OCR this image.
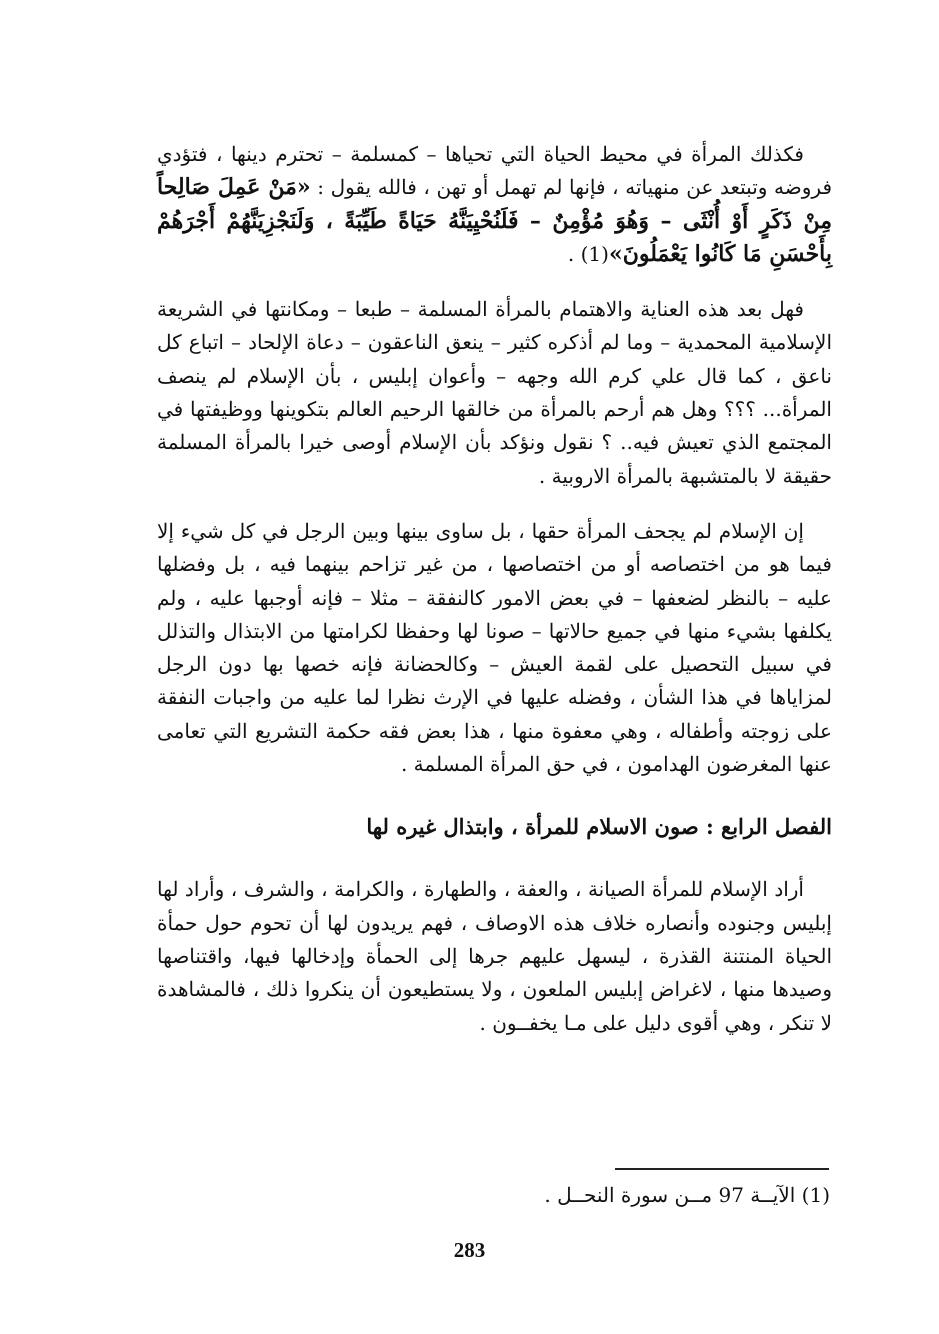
فكذلك المرأة في محيط الحياة التي تحياها – كمسلمة – تحترم دينها ، فتؤدي فروضه وتبتعد عن منهياته ، فإنها لم تهمل أو تهن ، فالله يقول : «مَنْ عَمِلَ صَالِحاً مِنْ ذَكَرٍ أَوْ أُنْثَى – وَهُوَ مُؤْمِنٌ – فَلَنُحْيِيَنَّهُ حَيَاةً طَيِّبَةً ، وَلَنَجْزِيَنَّهُمْ أَجْرَهُمْ بِأَحْسَنِ مَا كَانُوا يَعْمَلُونَ»(1) .

فهل بعد هذه العناية والاهتمام بالمرأة المسلمة – طبعا – ومكانتها في الشريعة الإسلامية المحمدية – وما لم أذكره كثير – ينعق الناعقون – دعاة الإلحاد – اتباع كل ناعق ، كما قال علي كرم الله وجهه – وأعوان إبليس ، بأن الإسلام لم ينصف المرأة... ؟؟؟ وهل هم أرحم بالمرأة من خالقها الرحيم العالم بتكوينها ووظيفتها في المجتمع الذي تعيش فيه.. ؟ نقول ونؤكد بأن الإسلام أوصى خيرا بالمرأة المسلمة حقيقة لا بالمتشبهة بالمرأة الاروبية .

إن الإسلام لم يجحف المرأة حقها ، بل ساوى بينها وبين الرجل في كل شيء إلا فيما هو من اختصاصه أو من اختصاصها ، من غير تزاحم بينهما فيه ، بل وفضلها عليه – بالنظر لضعفها – في بعض الامور كالنفقة – مثلا – فإنه أوجبها عليه ، ولم يكلفها بشيء منها في جميع حالاتها – صونا لها وحفظا لكرامتها من الابتذال والتذلل في سبيل التحصيل على لقمة العيش – وكالحضانة فإنه خصها بها دون الرجل لمزاياها في هذا الشأن ، وفضله عليها في الإرث نظرا لما عليه من واجبات النفقة على زوجته وأطفاله ، وهي معفوة منها ، هذا بعض فقه حكمة التشريع التي تعامى عنها المغرضون الهدامون ، في حق المرأة المسلمة .

الفصل الرابع : صون الاسلام للمرأة ، وابتذال غيره لها

أراد الإسلام للمرأة الصيانة ، والعفة ، والطهارة ، والكرامة ، والشرف ، وأراد لها إبليس وجنوده وأنصاره خلاف هذه الاوصاف ، فهم يريدون لها أن تحوم حول حمأة الحياة المنتنة القذرة ، ليسهل عليهم جرها إلى الحمأة وإدخالها فيها، واقتناصها وصيدها منها ، لاغراض إبليس الملعون ، ولا يستطيعون أن ينكروا ذلك ، فالمشاهدة لا تنكر ، وهي أقوى دليل على مـا يخفــون .

(1) الآيــة 97 مــن سورة النحــل .

283
